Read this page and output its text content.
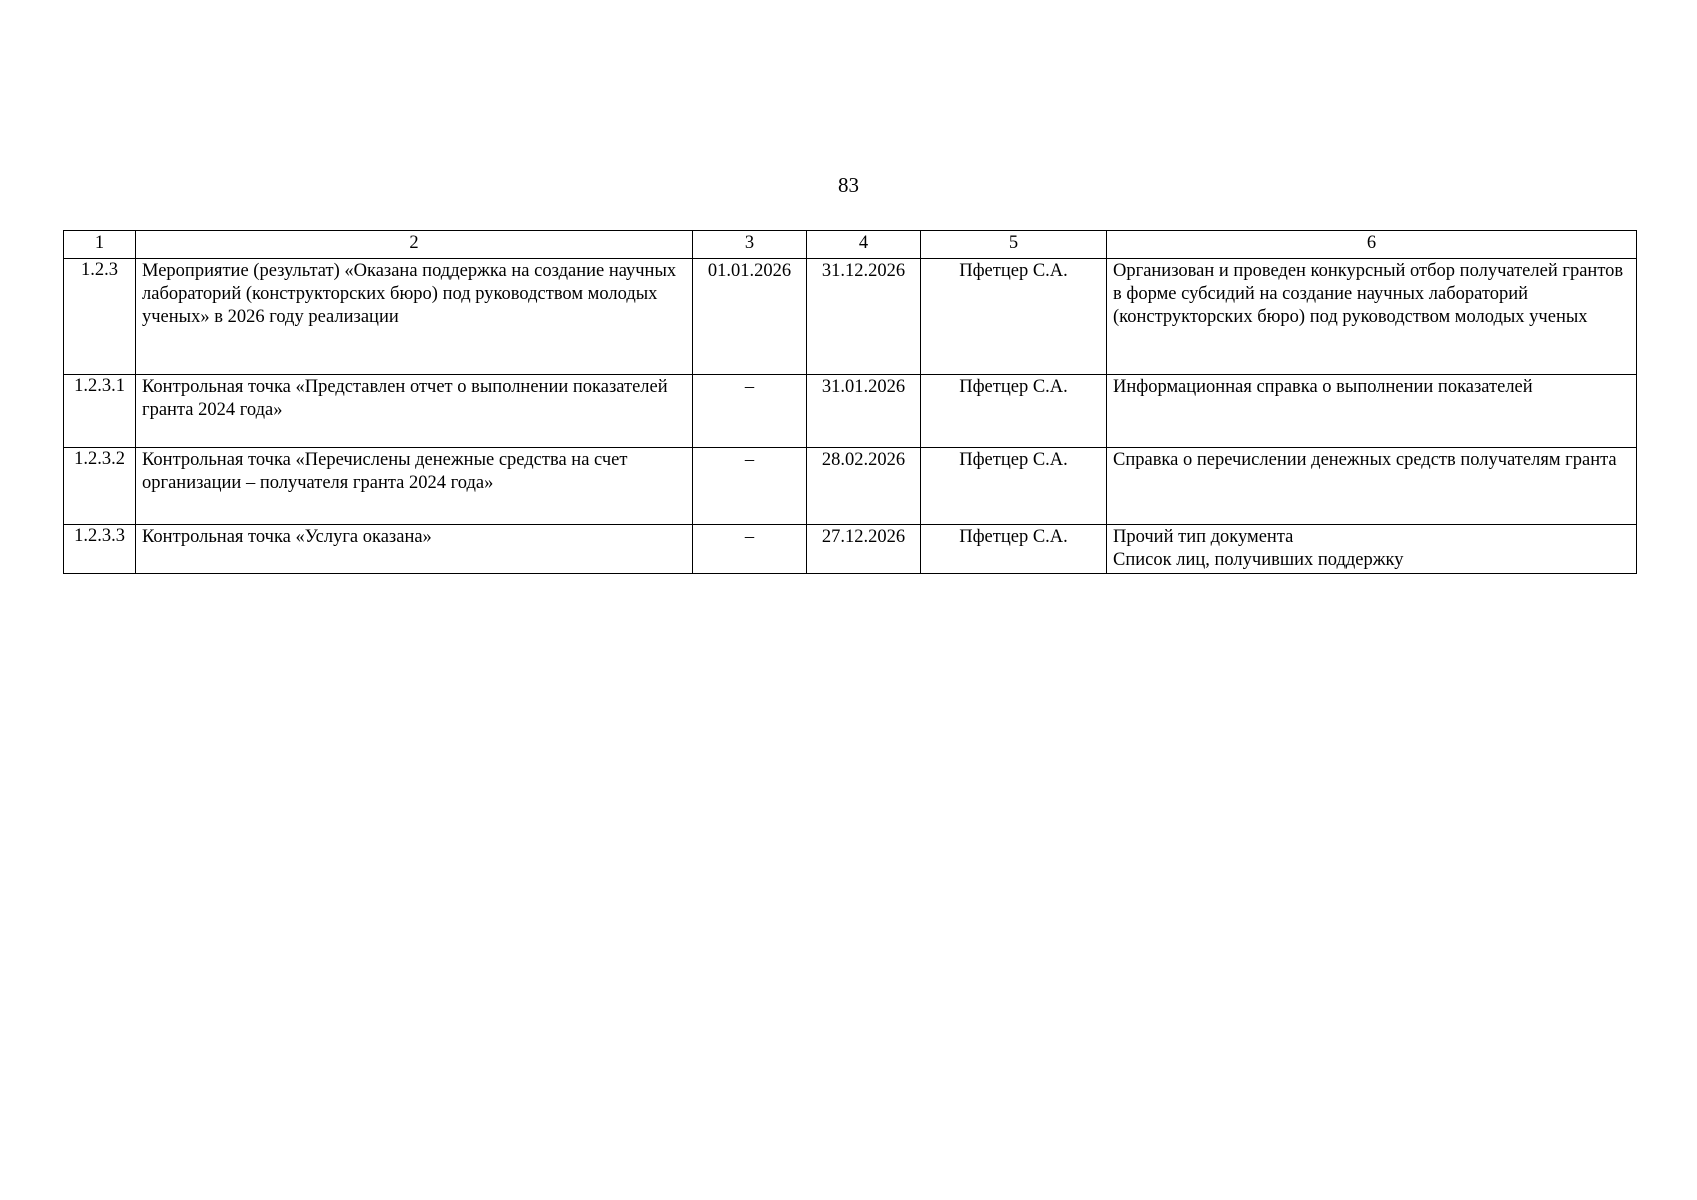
83
1	2	3	4	5	6
1.2.3	Мероприятие (результат) «Оказана поддержка на создание научных лабораторий (конструкторских бюро) под руководством молодых ученых» в 2026 году реализации	01.01.2026	31.12.2026	Пфетцер С.А.	Организован и проведен конкурсный отбор получателей грантов в форме субсидий на создание научных лабораторий (конструкторских бюро) под руководством молодых ученых

1.2.3.1	Контрольная точка «Представлен отчет о выполнении показателей гранта 2024 года»	–	31.01.2026	Пфетцер С.А.	Информационная справка о выполнении показателей

1.2.3.2	Контрольная точка «Перечислены денежные средства на счет организации – получателя гранта 2024 года»	–	28.02.2026	Пфетцер С.А.	Справка о перечислении денежных средств получателям гранта

1.2.3.3	Контрольная точка «Услуга оказана»	–	27.12.2026	Пфетцер С.А.	Прочий тип документа
Список лиц, получивших поддержку
